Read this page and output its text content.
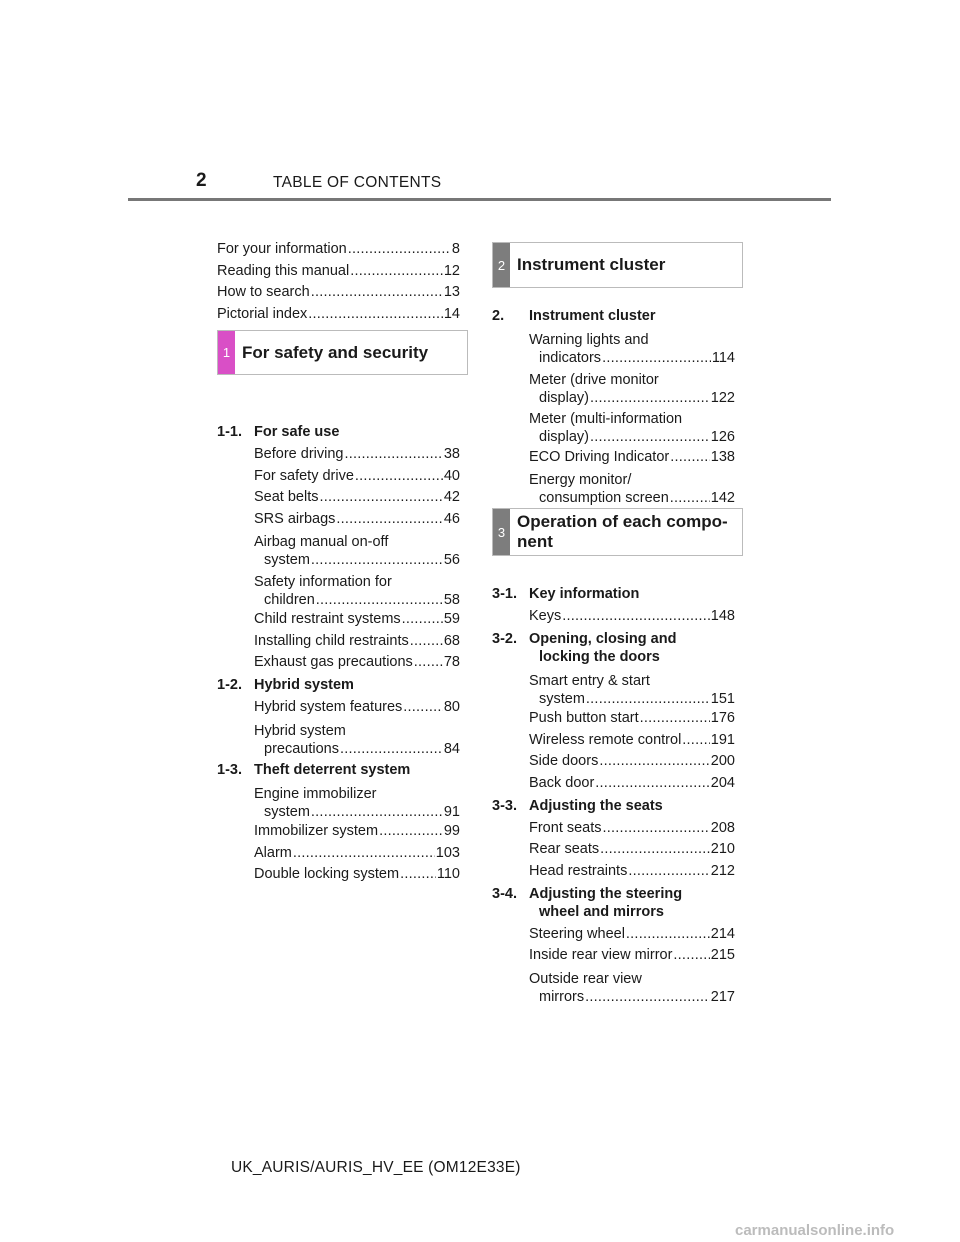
2	TABLE OF CONTENTS
For your information . . .	8
Reading this manual . . .	12
How to search . . .	13
Pictorial index . . .	14
1-1. For safe use
Before driving . . .	38
For safety drive . . .	40
Seat belts . . .	42
SRS airbags . . .	46
Airbag manual on-off
system . . .	56
Safety information for
children . . .	58
Child restraint systems . . .	59
Installing child restraints . . . 68
Exhaust gas precautions . . . 78
1-2. Hybrid system
Hybrid system features . . .	80
Hybrid system
precautions . . .	84
1-3. Theft deterrent system
Engine immobilizer
system . . .	91
Immobilizer system . . .	99
Alarm . . .	103
Double locking system . . .	110
1 For safety and security
2 Instrument cluster
3
Operation of each compo-
nent
2.	Instrument cluster
Warning lights and
indicators . . .	114
Meter (drive monitor
display) . . .	122
Meter (multi-information
display) . . .	126
ECO Driving Indicator . . .	138
Energy monitor/
consumption screen . . .	142
3-1. Key information
Keys . . .	148
3-2. Opening, closing and
locking the doors
Smart entry & start
system . . .	151
Push button start . . .	176
Wireless remote control . . . 191
Side doors . . .	200
Back door . . .	204
3-3. Adjusting the seats
Front seats . . .	208
Rear seats . . .	210
Head restraints . . .	212
3-4. Adjusting the steering
wheel and mirrors
Steering wheel . . .	214
Inside rear view mirror . . .	215
Outside rear view
mirrors . . .	217
UK_AURIS/AURIS_HV_EE (OM12E33E)
carmanualsonline.info
